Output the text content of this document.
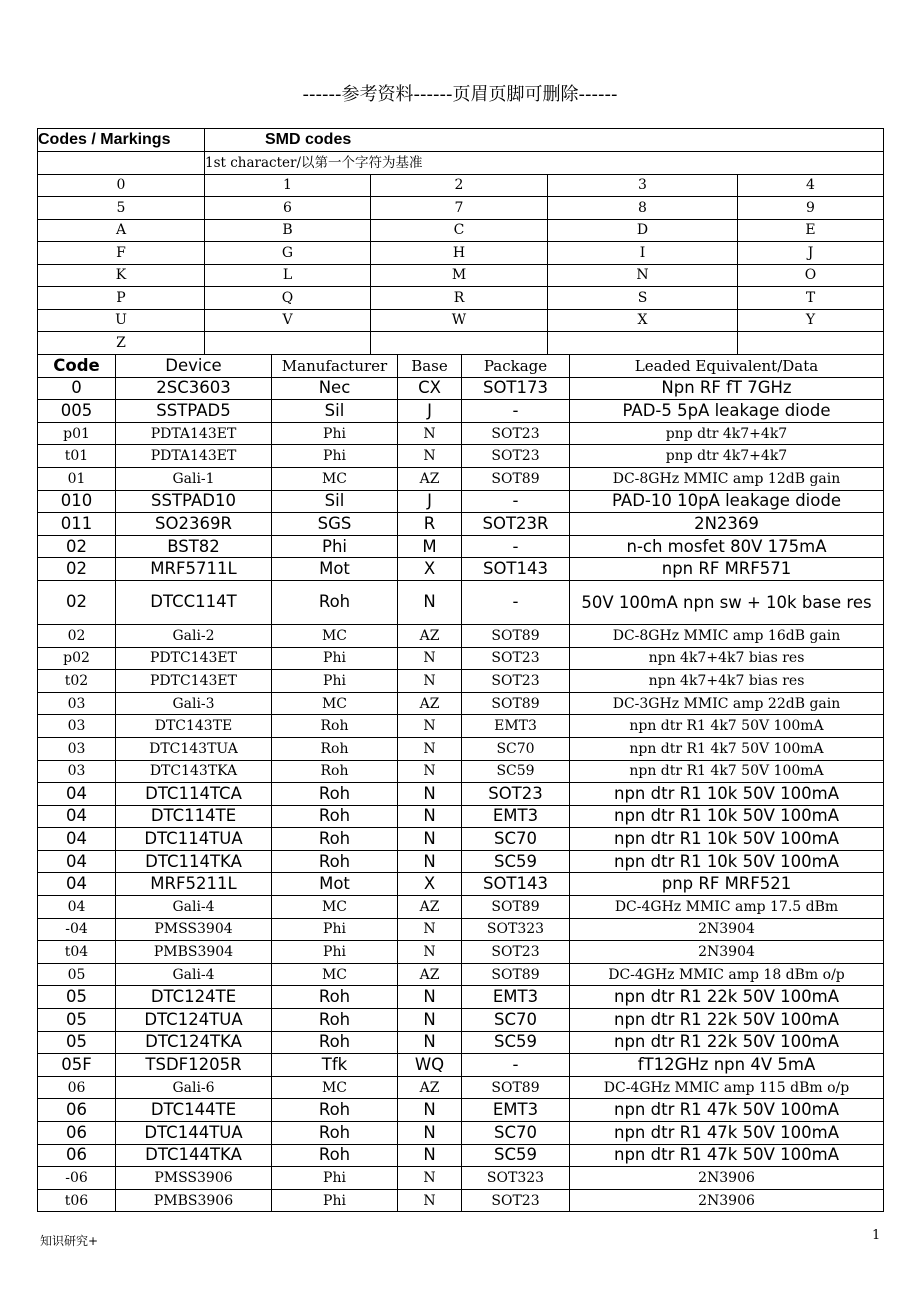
------参考资料------页眉页脚可删除------
Codes / Markings	SMD codes			
	1st character/以第一个字符为基准			
0	1	2	3	4
5	6	7	8	9
A	B	C	D	E
F	G	H	I	J
K	L	M	N	O
P	Q	R	S	T
U	V	W	X	Y
Z				
Code	Device	Manufacturer	Base	Package	Leaded Equivalent/Data
0	2SC3603	Nec	CX	SOT173	Npn RF fT 7GHz
005	SSTPAD5	Sil	J	-	PAD-5 5pA leakage diode
p01	PDTA143ET	Phi	N	SOT23	pnp dtr 4k7+4k7
t01	PDTA143ET	Phi	N	SOT23	pnp dtr 4k7+4k7
01	Gali-1	MC	AZ	SOT89	DC-8GHz MMIC amp 12dB gain
010	SSTPAD10	Sil	J	-	PAD-10 10pA leakage diode
011	SO2369R	SGS	R	SOT23R	2N2369
02	BST82	Phi	M	-	n-ch mosfet 80V 175mA
02	MRF5711L	Mot	X	SOT143	npn RF MRF571
02	DTCC114T	Roh	N	-	50V 100mA npn sw + 10k base res
02	Gali-2	MC	AZ	SOT89	DC-8GHz MMIC amp 16dB gain
p02	PDTC143ET	Phi	N	SOT23	npn 4k7+4k7 bias res
t02	PDTC143ET	Phi	N	SOT23	npn 4k7+4k7 bias res
03	Gali-3	MC	AZ	SOT89	DC-3GHz MMIC amp 22dB gain
03	DTC143TE	Roh	N	EMT3	npn dtr R1 4k7 50V 100mA
03	DTC143TUA	Roh	N	SC70	npn dtr R1 4k7 50V 100mA
03	DTC143TKA	Roh	N	SC59	npn dtr R1 4k7 50V 100mA
04	DTC114TCA	Roh	N	SOT23	npn dtr R1 10k 50V 100mA
04	DTC114TE	Roh	N	EMT3	npn dtr R1 10k 50V 100mA
04	DTC114TUA	Roh	N	SC70	npn dtr R1 10k 50V 100mA
04	DTC114TKA	Roh	N	SC59	npn dtr R1 10k 50V 100mA
04	MRF5211L	Mot	X	SOT143	pnp RF MRF521
04	Gali-4	MC	AZ	SOT89	DC-4GHz MMIC amp 17.5 dBm
-04	PMSS3904	Phi	N	SOT323	2N3904
t04	PMBS3904	Phi	N	SOT23	2N3904
05	Gali-4	MC	AZ	SOT89	DC-4GHz MMIC amp 18 dBm o/p
05	DTC124TE	Roh	N	EMT3	npn dtr R1 22k 50V 100mA
05	DTC124TUA	Roh	N	SC70	npn dtr R1 22k 50V 100mA
05	DTC124TKA	Roh	N	SC59	npn dtr R1 22k 50V 100mA
05F	TSDF1205R	Tfk	WQ	-	fT12GHz npn 4V 5mA
06	Gali-6	MC	AZ	SOT89	DC-4GHz MMIC amp 115 dBm o/p
06	DTC144TE	Roh	N	EMT3	npn dtr R1 47k 50V 100mA
06	DTC144TUA	Roh	N	SC70	npn dtr R1 47k 50V 100mA
06	DTC144TKA	Roh	N	SC59	npn dtr R1 47k 50V 100mA
-06	PMSS3906	Phi	N	SOT323	2N3906
t06	PMBS3906	Phi	N	SOT23	2N3906
知识研究+	1
